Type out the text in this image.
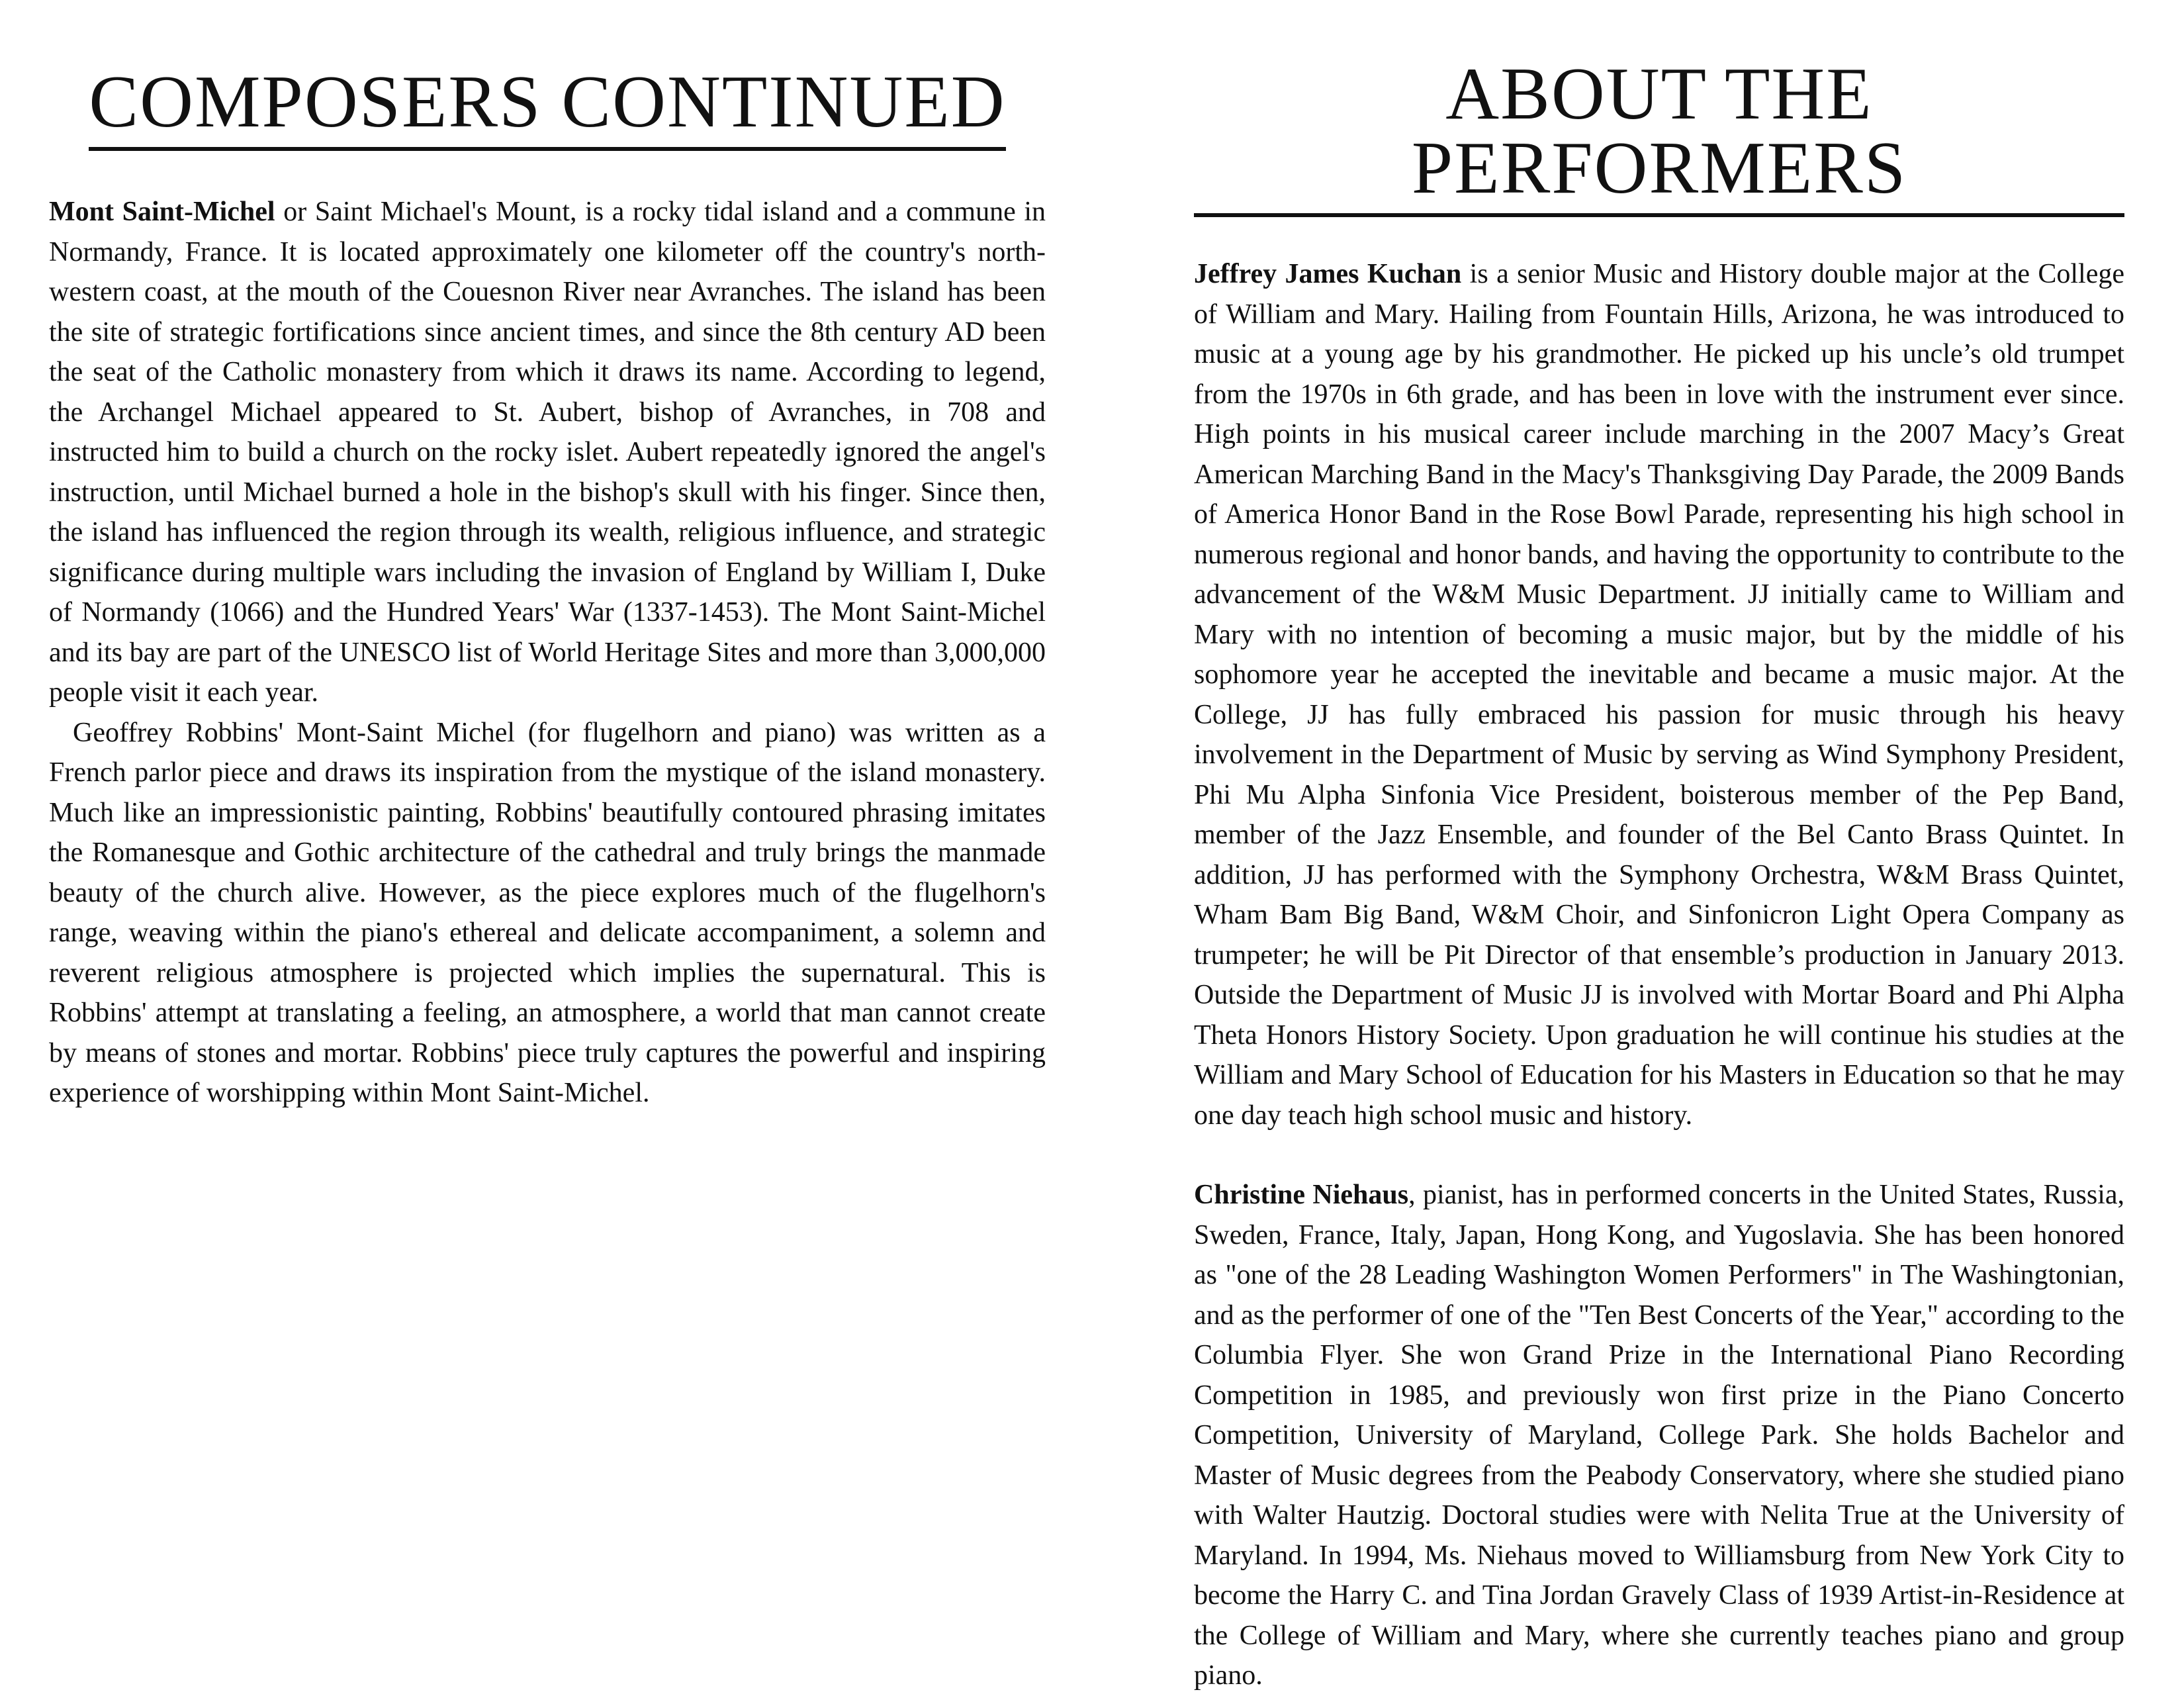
COMPOSERS CONTINUED

Mont Saint-Michel or Saint Michael's Mount, is a rocky tidal island and a commune in Normandy, France. It is located approximately one kilometer off the country's north-western coast, at the mouth of the Couesnon River near Avranches. The island has been the site of strategic fortifications since ancient times, and since the 8th century AD been the seat of the Catholic monastery from which it draws its name. According to legend, the Archangel Michael appeared to St. Aubert, bishop of Avranches, in 708 and instructed him to build a church on the rocky islet. Aubert repeatedly ignored the angel's instruction, until Michael burned a hole in the bishop's skull with his finger. Since then, the island has influenced the region through its wealth, religious influence, and strategic significance during multiple wars including the invasion of England by William I, Duke of Normandy (1066) and the Hundred Years' War (1337-1453). The Mont Saint-Michel and its bay are part of the UNESCO list of World Heritage Sites and more than 3,000,000 people visit it each year.

Geoffrey Robbins' Mont-Saint Michel (for flugelhorn and piano) was written as a French parlor piece and draws its inspiration from the mystique of the island monastery. Much like an impressionistic painting, Robbins' beautifully contoured phrasing imitates the Romanesque and Gothic architecture of the cathedral and truly brings the manmade beauty of the church alive. However, as the piece explores much of the flugelhorn's range, weaving within the piano's ethereal and delicate accompaniment, a solemn and reverent religious atmosphere is projected which implies the supernatural. This is Robbins' attempt at translating a feeling, an atmosphere, a world that man cannot create by means of stones and mortar. Robbins' piece truly captures the powerful and inspiring experience of worshipping within Mont Saint-Michel.

ABOUT THE PERFORMERS

Jeffrey James Kuchan is a senior Music and History double major at the College of William and Mary. Hailing from Fountain Hills, Arizona, he was introduced to music at a young age by his grandmother. He picked up his uncle’s old trumpet from the 1970s in 6th grade, and has been in love with the instrument ever since. High points in his musical career include marching in the 2007 Macy’s Great American Marching Band in the Macy's Thanksgiving Day Parade, the 2009 Bands of America Honor Band in the Rose Bowl Parade, representing his high school in numerous regional and honor bands, and having the opportunity to contribute to the advancement of the W&M Music Department. JJ initially came to William and Mary with no intention of becoming a music major, but by the middle of his sophomore year he accepted the inevitable and became a music major. At the College, JJ has fully embraced his passion for music through his heavy involvement in the Department of Music by serving as Wind Symphony President, Phi Mu Alpha Sinfonia Vice President, boisterous member of the Pep Band, member of the Jazz Ensemble, and founder of the Bel Canto Brass Quintet. In addition, JJ has performed with the Symphony Orchestra, W&M Brass Quintet, Wham Bam Big Band, W&M Choir, and Sinfonicron Light Opera Company as trumpeter; he will be Pit Director of that ensemble’s production in January 2013. Outside the Department of Music JJ is involved with Mortar Board and Phi Alpha Theta Honors History Society. Upon graduation he will continue his studies at the William and Mary School of Education for his Masters in Education so that he may one day teach high school music and history.

Christine Niehaus, pianist, has in performed concerts in the United States, Russia, Sweden, France, Italy, Japan, Hong Kong, and Yugoslavia. She has been honored as "one of the 28 Leading Washington Women Performers" in The Washingtonian, and as the performer of one of the "Ten Best Concerts of the Year," according to the Columbia Flyer. She won Grand Prize in the International Piano Recording Competition in 1985, and previously won first prize in the Piano Concerto Competition, University of Maryland, College Park. She holds Bachelor and Master of Music degrees from the Peabody Conservatory, where she studied piano with Walter Hautzig. Doctoral studies were with Nelita True at the University of Maryland. In 1994, Ms. Niehaus moved to Williamsburg from New York City to become the Harry C. and Tina Jordan Gravely Class of 1939 Artist-in-Residence at the College of William and Mary, where she currently teaches piano and group piano.
